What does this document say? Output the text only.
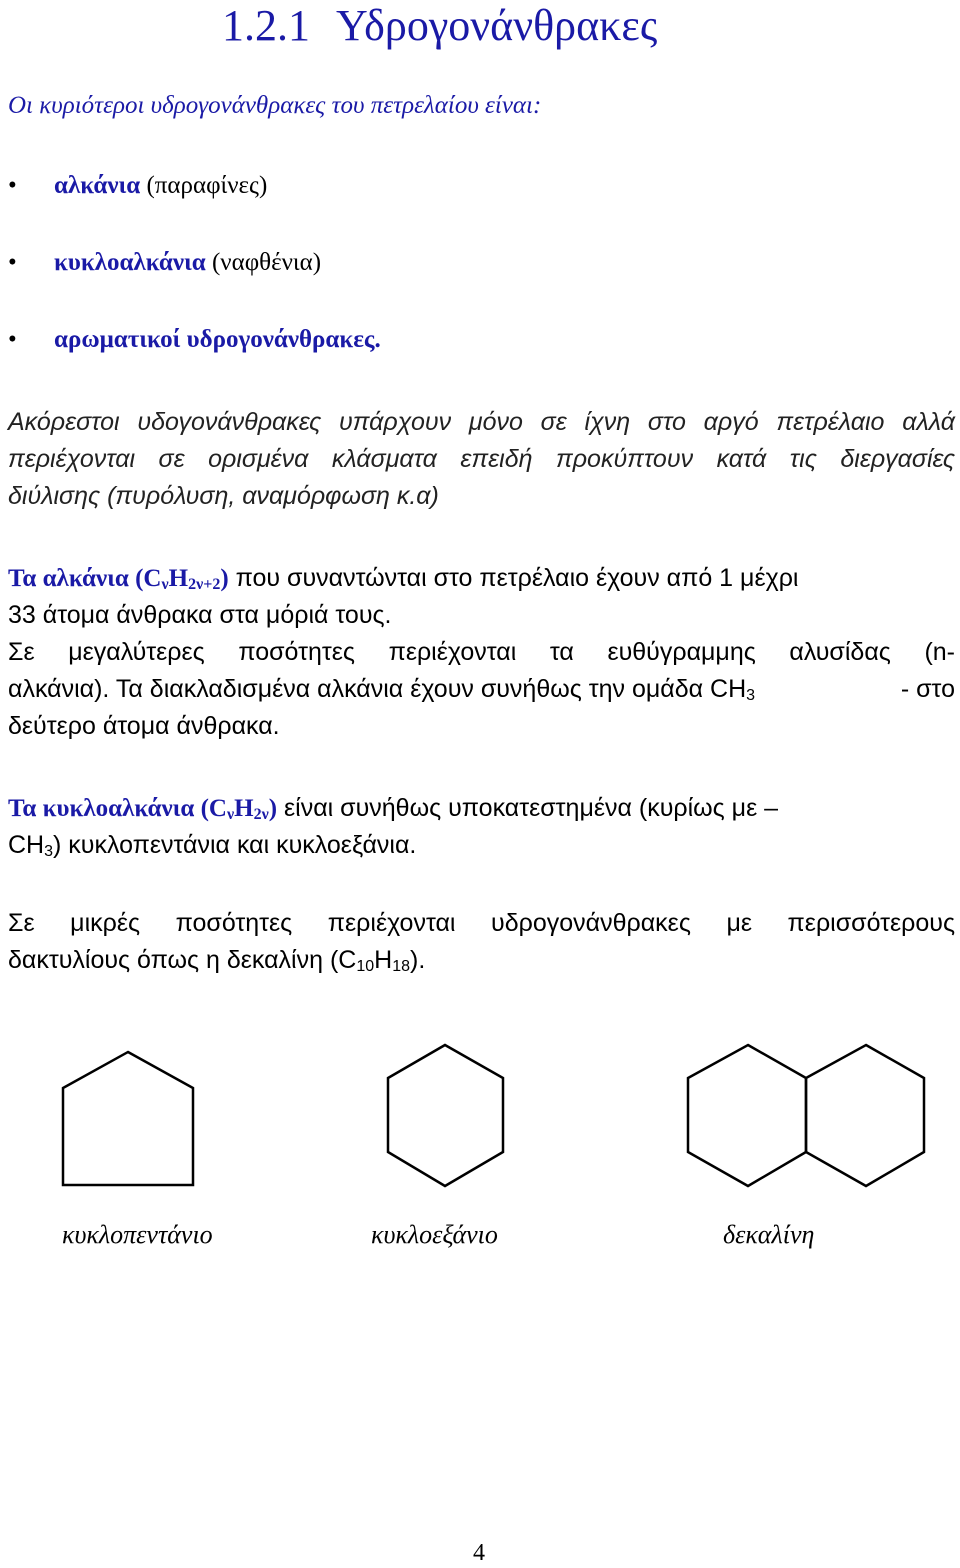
1.2.1 Υδρογονάνθρακες
Οι κυριότεροι υδρογονάνθρακες του πετρελαίου είναι:
• αλκάνια (παραφίνες)
• κυκλοαλκάνια (ναφθένια)
• αρωματικοί υδρογονάνθρακες.
Ακόρεστοι υδογονάνθρακες υπάρχουν μόνο σε ίχνη στο αργό πετρέλαιο αλλά
περιέχονται σε ορισμένα κλάσματα επειδή προκύπτουν κατά τις διεργασίες
διύλισης (πυρόλυση, αναμόρφωση κ.α)
Τα αλκάνια $(C_\nu H_{2\nu+2})$ που συναντώνται στο πετρέλαιο έχουν από 1 μέχρι
33 άτομα άνθρακα στα μόριά τους.
Σε μεγαλύτερες ποσότητες περιέχονται τα ευθύγραμμης αλυσίδας (n-
αλκάνια). Τα διακλαδισμένα αλκάνια έχουν συνήθως την ομάδα $CH_3$	- στο
δεύτερο άτομα άνθρακα.
Τα κυκλοαλκάνια $(C_\nu H_{2\nu})$ είναι συνήθως υποκατεστημένα (κυρίως με –
$CH_3$) κυκλοπεντάνια και κυκλοεξάνια.
Σε μικρές ποσότητες περιέχονται υδρογονάνθρακες με περισσότερους
δακτυλίους όπως η δεκαλίνη $(C_{10}H_{18})$.
κυκλοπεντάνιο	κυκλοεξάνιο	δεκαλίνη
4
